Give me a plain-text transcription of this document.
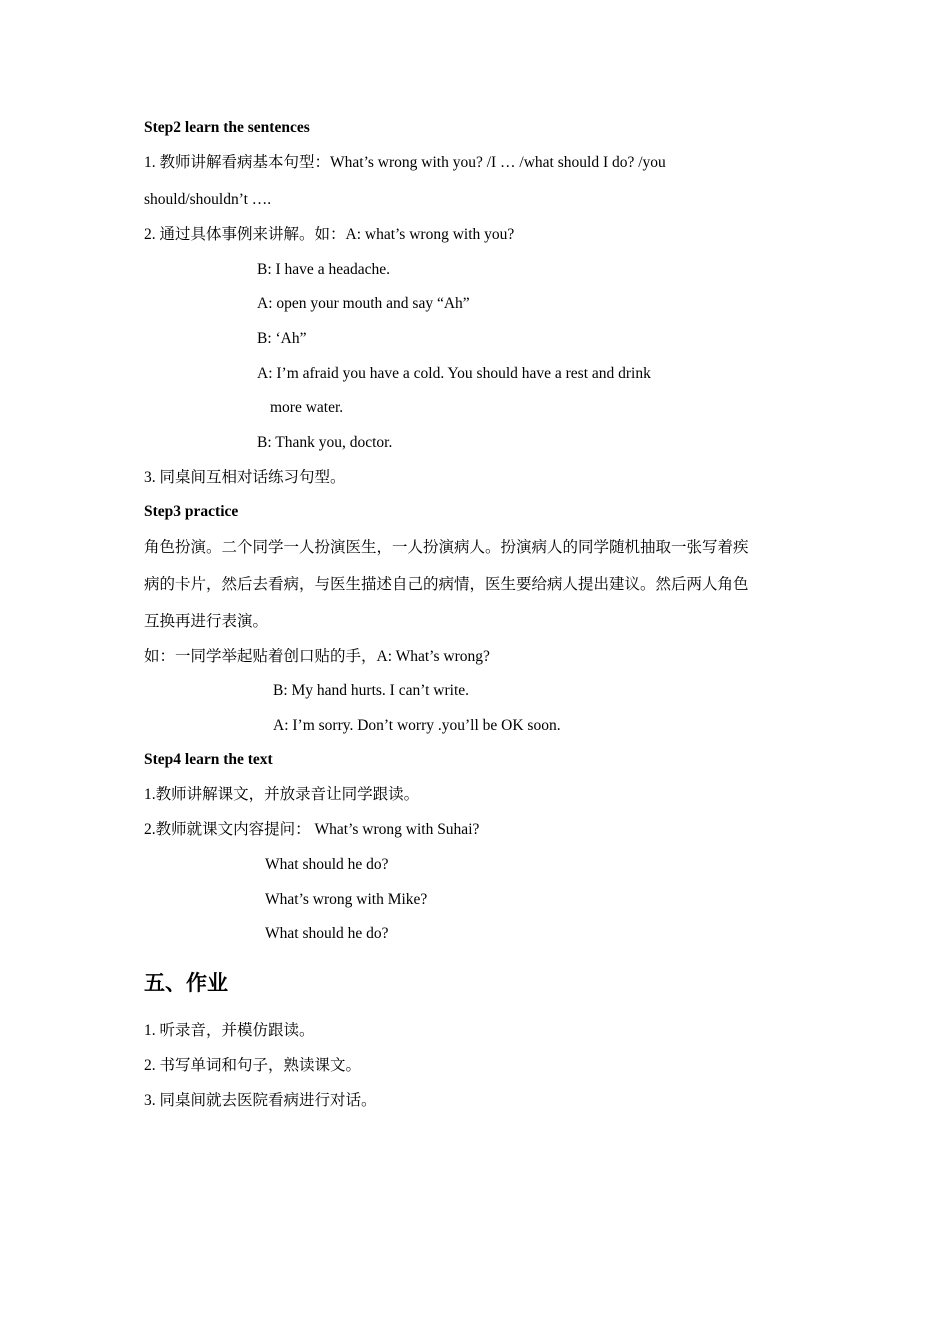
Step2 learn the sentences
1. 教师讲解看病基本句型：What’s wrong with you? /I … /what should I do? /you
should/shouldn’t ….
2. 通过具体事例来讲解。如：A: what’s wrong with you?
B: I have a headache.
A: open your mouth and say “Ah”
B: ‘Ah”
A: I’m afraid you have a cold. You should have a rest and drink
more water.
B: Thank you, doctor.
3. 同桌间互相对话练习句型。
Step3 practice
角色扮演。二个同学一人扮演医生，一人扮演病人。扮演病人的同学随机抽取一张写着疾
病的卡片，然后去看病，与医生描述自己的病情，医生要给病人提出建议。然后两人角色
互换再进行表演。
如：一同学举起贴着创口贴的手，A: What’s wrong?
B: My hand hurts. I can’t write.
A: I’m sorry. Don’t worry .you’ll be OK soon.
Step4 learn the text
1.教师讲解课文，并放录音让同学跟读。
2.教师就课文内容提问： What’s wrong with Suhai?
What should he do?
What’s wrong with Mike?
What should he do?
五、作业
1. 听录音，并模仿跟读。
2. 书写单词和句子，熟读课文。
3. 同桌间就去医院看病进行对话。
